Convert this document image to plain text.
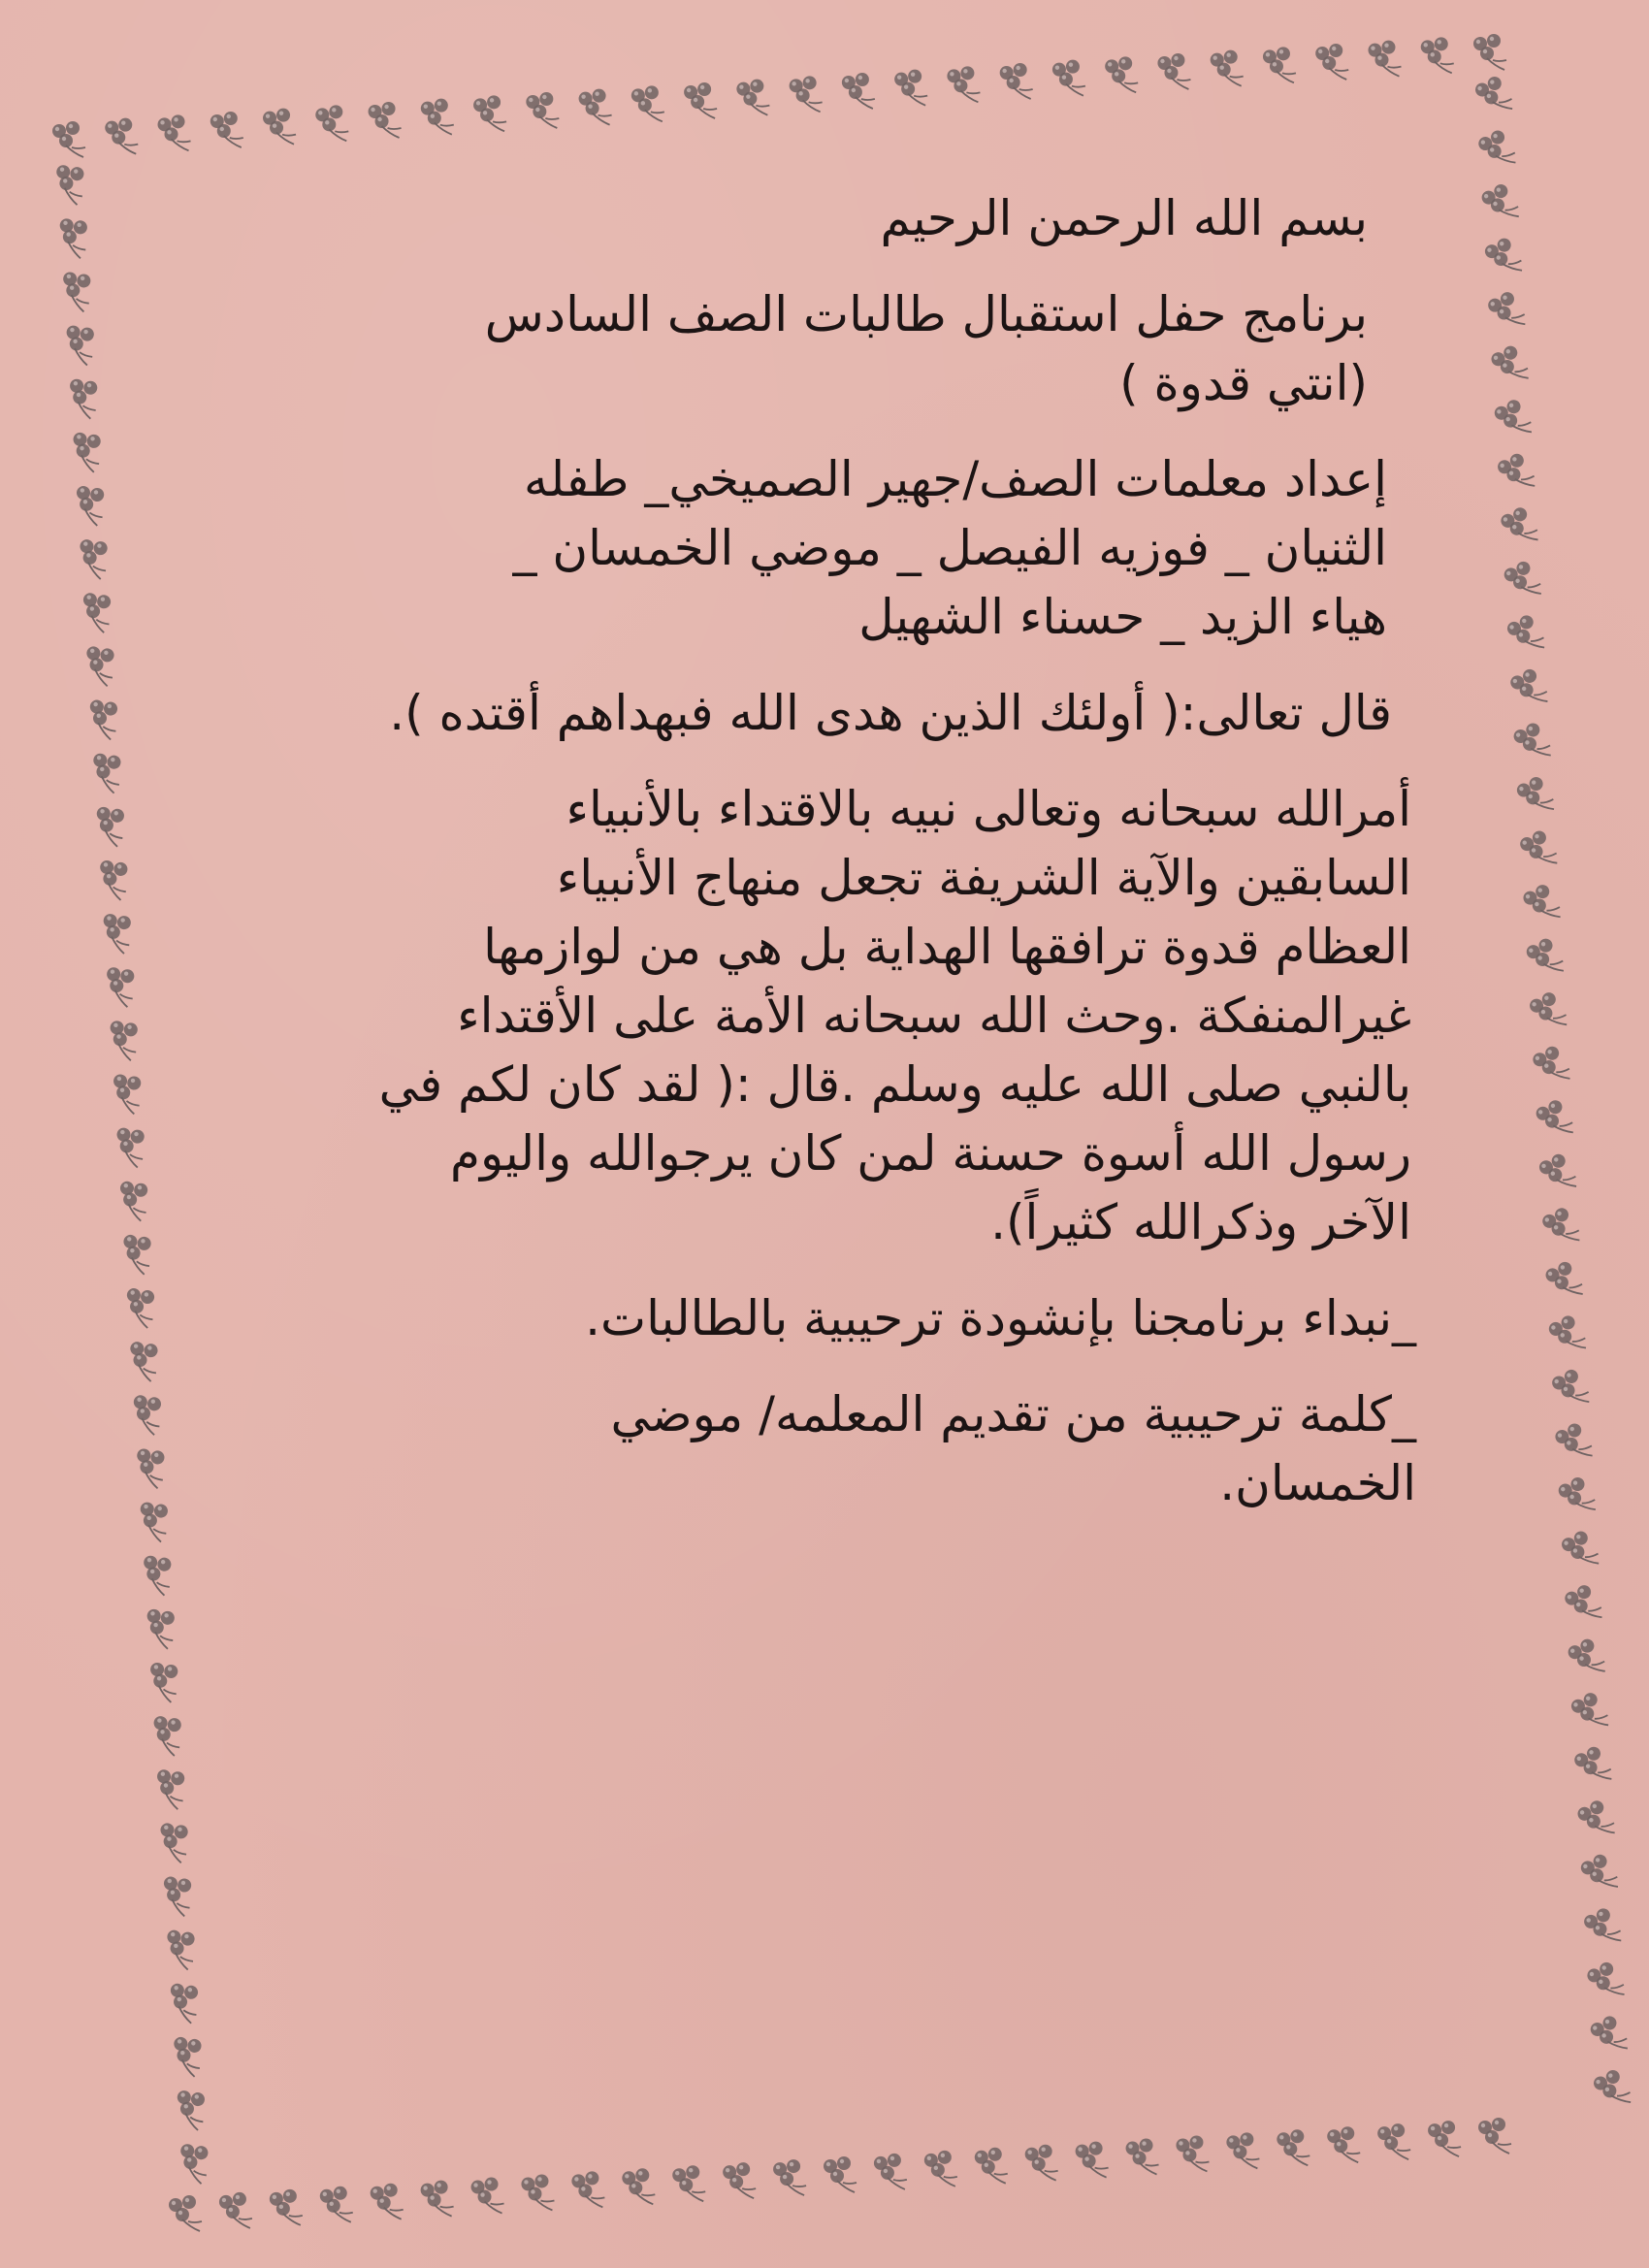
بسم الله الرحمن الرحيم
برنامج حفل استقبال طالبات الصف السادس
(انتي قدوة )
إعداد معلمات الصف/جهير الصميخي_ طفله
الثنيان _ فوزيه الفيصل _ موضي الخمسان _
هياء الزيد _ حسناء الشهيل
قال تعالى:( أولئك الذين هدى الله فبهداهم أقتده ).
أمرالله سبحانه وتعالى نبيه بالاقتداء بالأنبياء
السابقين والآية الشريفة تجعل منهاج الأنبياء
العظام قدوة ترافقها الهداية بل هي من لوازمها
غيرالمنفكة .وحث الله سبحانه الأمة على الأقتداء
بالنبي صلى الله عليه وسلم .قال :( لقد كان لكم في
رسول الله أسوة حسنة لمن كان يرجوالله واليوم
الآخر وذكرالله كثيراً).
_نبداء برنامجنا بإنشودة ترحيبية بالطالبات.
_كلمة ترحيبية من تقديم المعلمه/ موضي
الخمسان.
